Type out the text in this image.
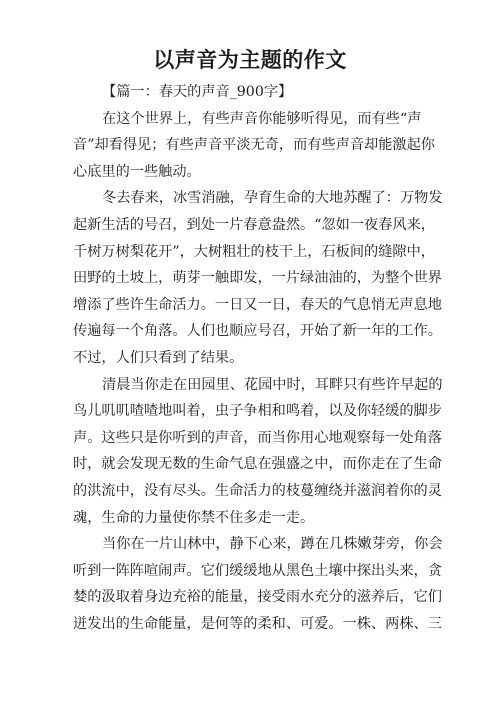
以声音为主题的作文
【篇一：春天的声音_900字】
在这个世界上，有些声音你能够听得见，而有些“声
音”却看得见；有些声音平淡无奇，而有些声音却能激起你
心底里的一些触动。
冬去春来，冰雪消融，孕育生命的大地苏醒了：万物发
起新生活的号召，到处一片春意盎然。“忽如一夜春风来，
千树万树梨花开”，大树粗壮的枝干上，石板间的缝隙中，
田野的土坡上，萌芽一触即发，一片绿油油的，为整个世界
增添了些许生命活力。一日又一日，春天的气息悄无声息地
传遍每一个角落。人们也顺应号召，开始了新一年的工作。
不过，人们只看到了结果。
清晨当你走在田园里、花园中时，耳畔只有些许早起的
鸟儿叽叽喳喳地叫着，虫子争相和鸣着，以及你轻缓的脚步
声。这些只是你听到的声音，而当你用心地观察每一处角落
时，就会发现无数的生命气息在强盛之中，而你走在了生命
的洪流中，没有尽头。生命活力的枝蔓缠绕并滋润着你的灵
魂，生命的力量使你禁不住多走一走。
当你在一片山林中，静下心来，蹲在几株嫩芽旁，你会
听到一阵阵喧闹声。它们缓缓地从黑色土壤中探出头来，贪
婪的汲取着身边充裕的能量，接受雨水充分的滋养后，它们
迸发出的生命能量，是何等的柔和、可爱。一株、两株、三
